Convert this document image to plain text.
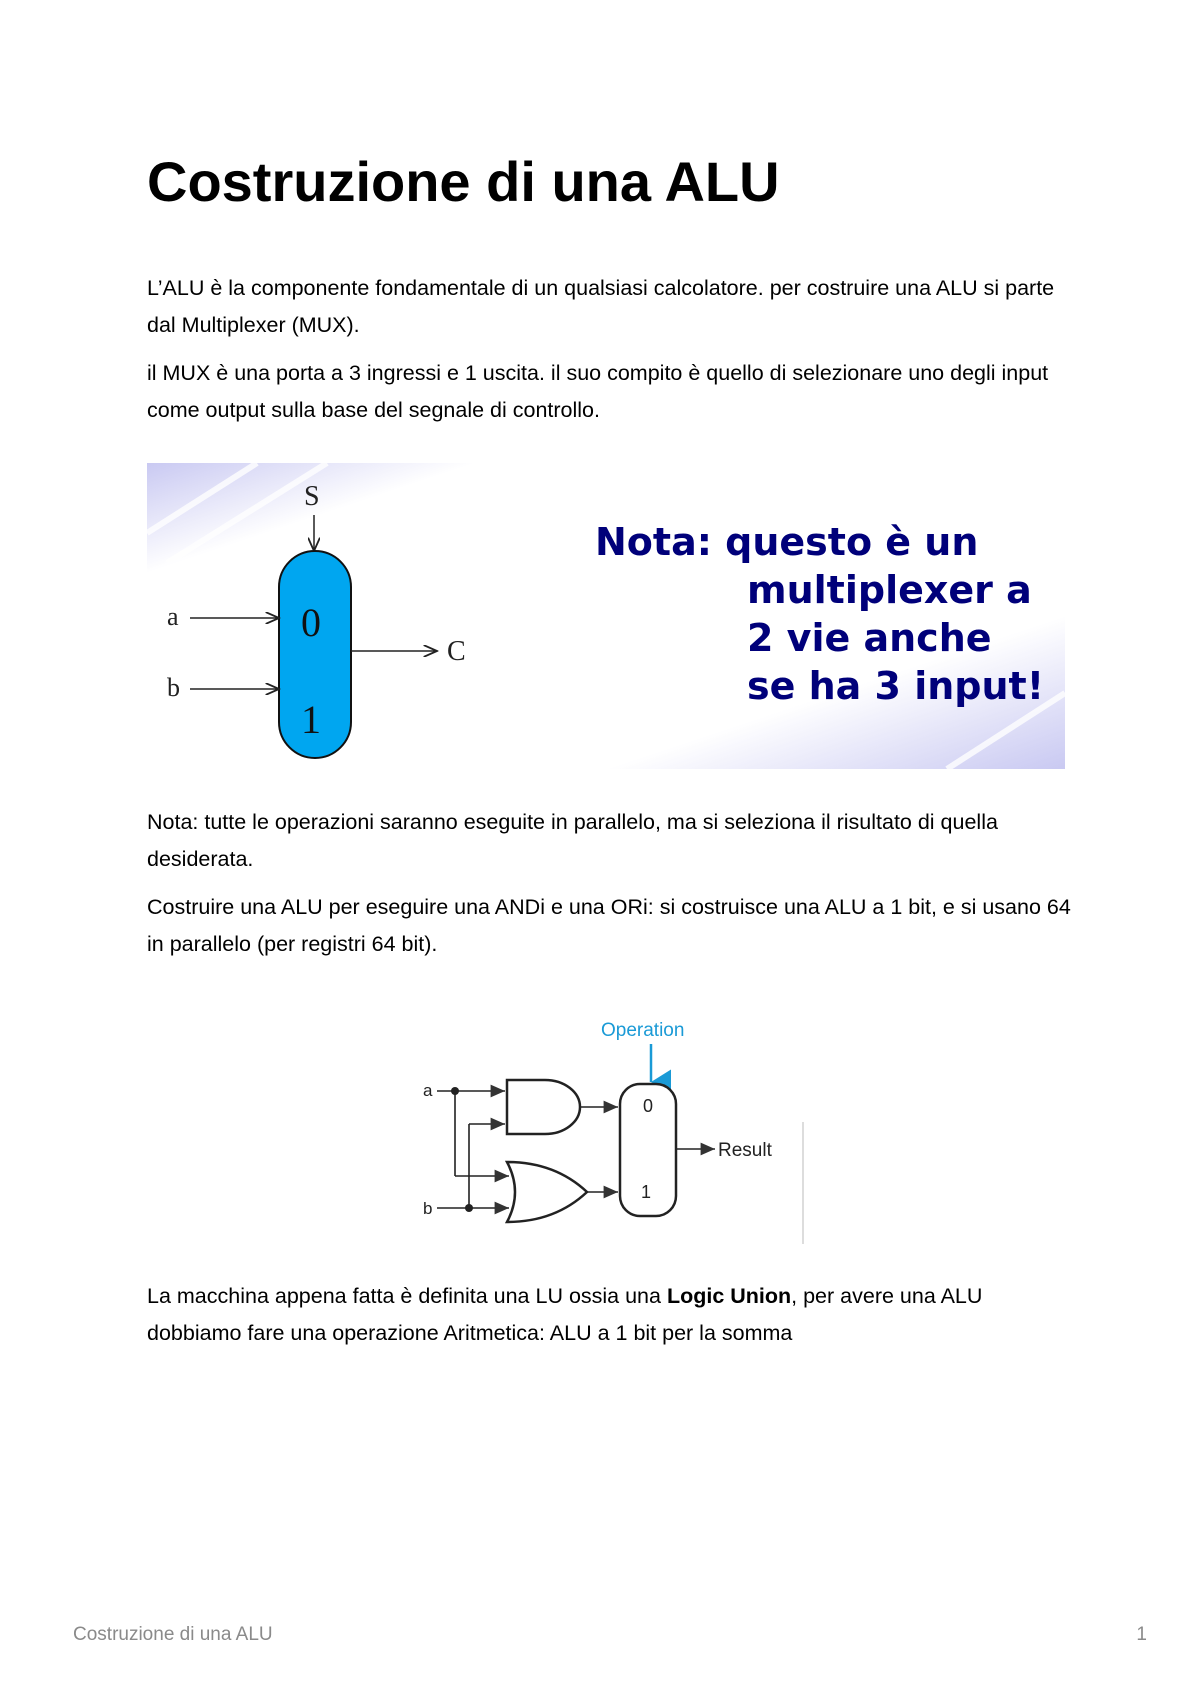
Costruzione di una ALU

L’ALU è la componente fondamentale di un qualsiasi calcolatore. per costruire una ALU si parte dal Multiplexer (MUX).

il MUX è una porta a 3 ingressi e 1 uscita. il suo compito è quello di selezionare uno degli input come output sulla base del segnale di controllo.

S
0
1
a
b
C
Nota: questo è un
multiplexer a
2 vie anche
se ha 3 input!

Nota: tutte le operazioni saranno eseguite in parallelo, ma si seleziona il risultato di quella desiderata.

Costruire una ALU per eseguire una ANDi e una ORi: si costruisce una ALU a 1 bit, e si usano 64 in parallelo (per registri 64 bit).

Operation
a
b
0
1
Result

La macchina appena fatta è definita una LU ossia una Logic Union, per avere una ALU dobbiamo fare una operazione Aritmetica: ALU a 1 bit per la somma

Costruzione di una ALU	1
